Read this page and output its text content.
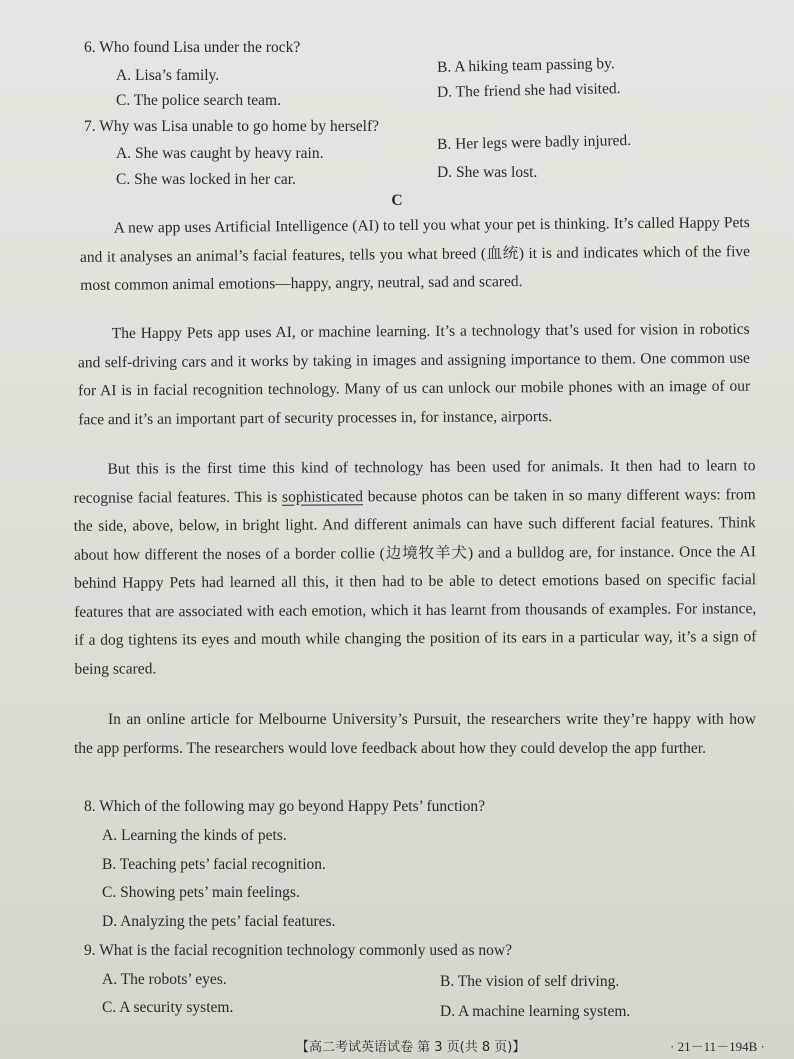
6. Who found Lisa under the rock?
A. Lisa’s family.	B. A hiking team passing by.
C. The police search team.	D. The friend she had visited.
7. Why was Lisa unable to go home by herself?
A. She was caught by heavy rain.
B. Her legs were badly injured.
C. She was locked in her car.	D. She was lost.
C
A new app uses Artificial Intelligence (AI) to tell you what your pet is thinking. It’s called Happy Pets and it analyses an animal’s facial features, tells you what breed (血统) it is and indicates which of the five most common animal emotions—happy, angry, neutral, sad and scared.
The Happy Pets app uses AI, or machine learning. It’s a technology that’s used for vision in robotics and self-driving cars and it works by taking in images and assigning importance to them. One common use for AI is in facial recognition technology. Many of us can unlock our mobile phones with an image of our face and it’s an important part of security processes in, for instance, airports.
But this is the first time this kind of technology has been used for animals. It then had to learn to recognise facial features. This is sophisticated because photos can be taken in so many different ways: from the side, above, below, in bright light. And different animals can have such different facial features. Think about how different the noses of a border collie (边境牧羊犬) and a bulldog are, for instance. Once the AI behind Happy Pets had learned all this, it then had to be able to detect emotions based on specific facial features that are associated with each emotion, which it has learnt from thousands of examples. For instance, if a dog tightens its eyes and mouth while changing the position of its ears in a particular way, it’s a sign of being scared.
In an online article for Melbourne University’s Pursuit, the researchers write they’re happy with how the app performs. The researchers would love feedback about how they could develop the app further.
8. Which of the following may go beyond Happy Pets’ function?
A. Learning the kinds of pets.
B. Teaching pets’ facial recognition.
C. Showing pets’ main feelings.
D. Analyzing the pets’ facial features.
9. What is the facial recognition technology commonly used as now?
A. The robots’ eyes.	B. The vision of self driving.
C. A security system.	D. A machine learning system.
【高二考试英语试卷 第 3 页(共 8 页)】	· 21－11－194B ·
